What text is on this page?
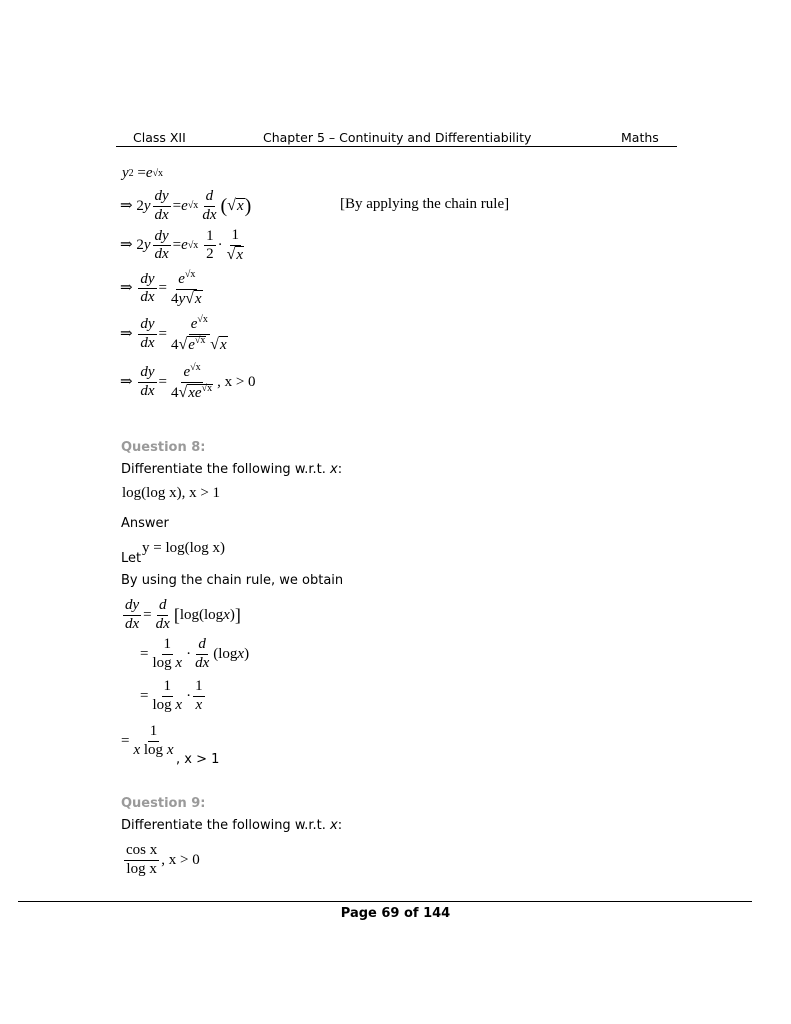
Class XII	Chapter 5 – Continuity and Differentiability	Maths
y 2 = e √x
⇒ 2 y $\frac{dy}{dx} = e$ $√x \frac{d}{dx}$ ( √ x )	[By applying the chain rule]
⇒ 2 y $\frac{dy}{dx} = e$ √x
$\frac{1}{2} \cdot \frac{1}{√x}$
⇒
$\frac{dy}{dx} = \frac{e^{√x}}{4y√x}$
⇒
$\frac{dy}{dx} = \frac{e^{√x}}{4√e^{√x} √x}$
⇒
$\frac{dy}{dx} = \frac{e^{√x}}{4√xe^{√x}}$ , x > 0
Question 8:
Differentiate the following w.r.t. x:
log(log x), x > 1
Answer
Let
y = log(log x)
By using the chain rule, we obtain
$\frac{dy}{dx} = \frac{d}{dx}$ [ log(log x ) ]
= $\frac{1}{\text{log x}} \cdot \frac{d}{dx} (\log$ x )
= $\frac{1}{\text{log x}} \cdot \frac{1}{x}$
= $\frac{1}{\text{x log x}}$
, x > 1
Question 9:
Differentiate the following w.r.t. x:
$\frac{\text{cos x}}{\text{log x}}$ , x > 0
Page 69 of 144
